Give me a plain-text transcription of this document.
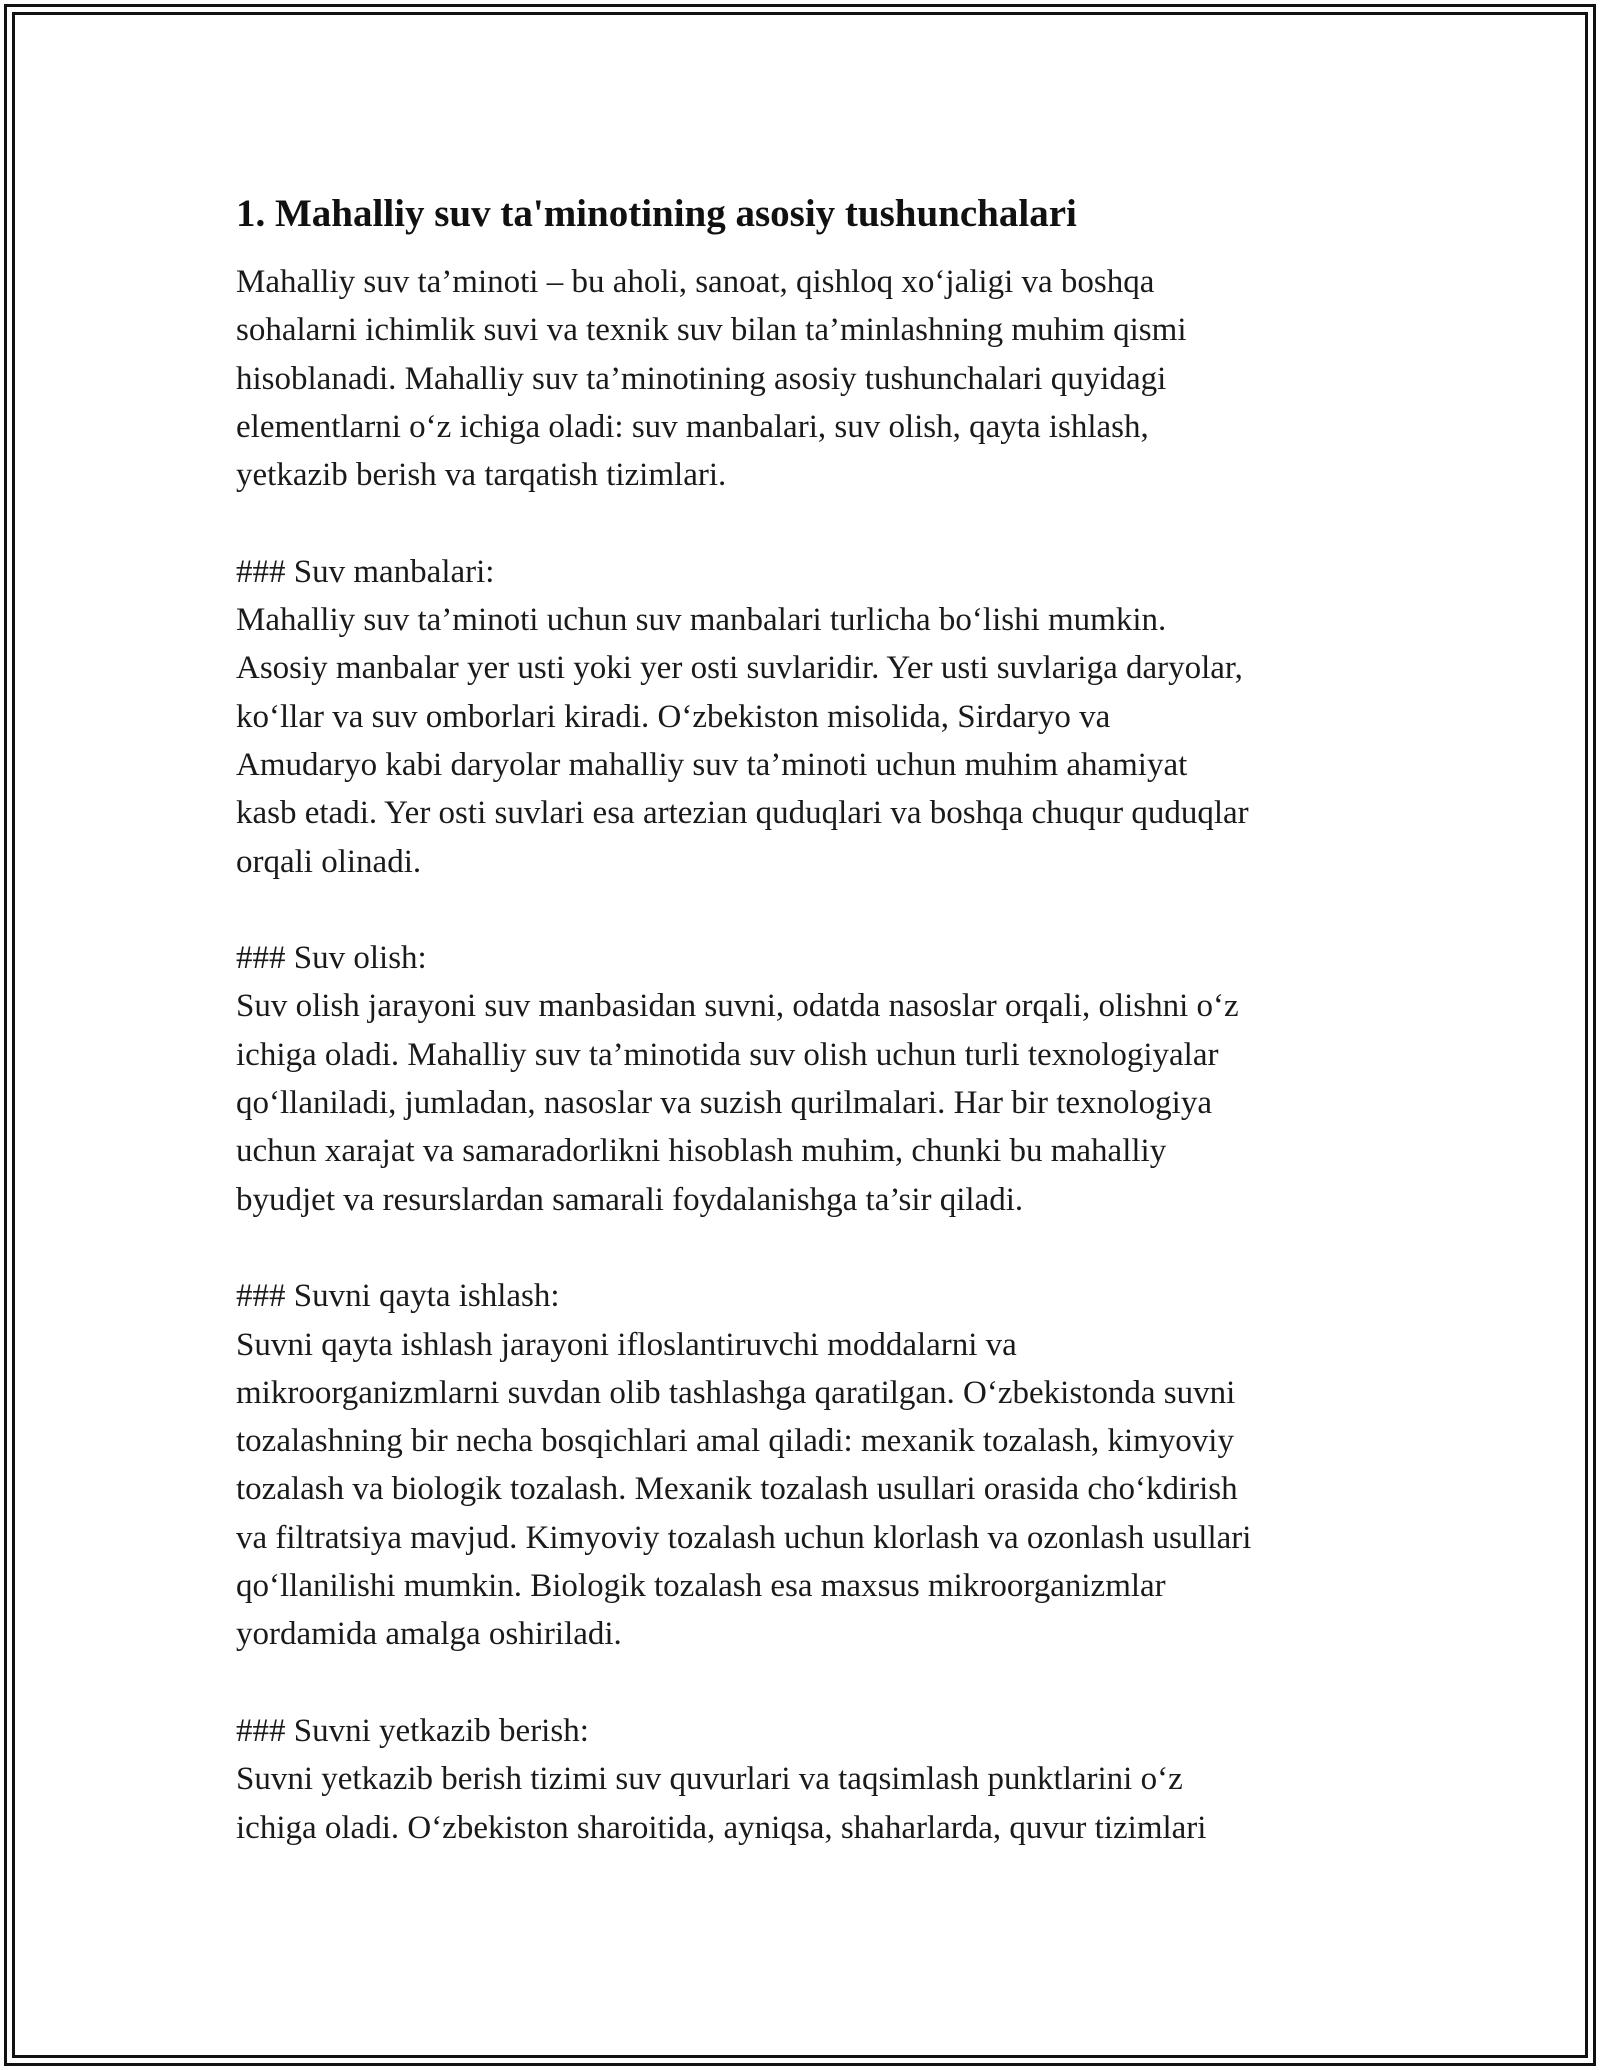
1. Mahalliy suv ta'minotining asosiy tushunchalari

Mahalliy suv ta’minoti – bu aholi, sanoat, qishloq xo‘jaligi va boshqa
sohalarni ichimlik suvi va texnik suv bilan ta’minlashning muhim qismi
hisoblanadi. Mahalliy suv ta’minotining asosiy tushunchalari quyidagi
elementlarni o‘z ichiga oladi: suv manbalari, suv olish, qayta ishlash,
yetkazib berish va tarqatish tizimlari.

### Suv manbalari:

Mahalliy suv ta’minoti uchun suv manbalari turlicha bo‘lishi mumkin.
Asosiy manbalar yer usti yoki yer osti suvlaridir. Yer usti suvlariga daryolar,
ko‘llar va suv omborlari kiradi. O‘zbekiston misolida, Sirdaryo va
Amudaryo kabi daryolar mahalliy suv ta’minoti uchun muhim ahamiyat
kasb etadi. Yer osti suvlari esa artezian quduqlari va boshqa chuqur quduqlar
orqali olinadi.

### Suv olish:

Suv olish jarayoni suv manbasidan suvni, odatda nasoslar orqali, olishni o‘z
ichiga oladi. Mahalliy suv ta’minotida suv olish uchun turli texnologiyalar
qo‘llaniladi, jumladan, nasoslar va suzish qurilmalari. Har bir texnologiya
uchun xarajat va samaradorlikni hisoblash muhim, chunki bu mahalliy
byudjet va resurslardan samarali foydalanishga ta’sir qiladi.

### Suvni qayta ishlash:

Suvni qayta ishlash jarayoni ifloslantiruvchi moddalarni va
mikroorganizmlarni suvdan olib tashlashga qaratilgan. O‘zbekistonda suvni
tozalashning bir necha bosqichlari amal qiladi: mexanik tozalash, kimyoviy
tozalash va biologik tozalash. Mexanik tozalash usullari orasida cho‘kdirish
va filtratsiya mavjud. Kimyoviy tozalash uchun klorlash va ozonlash usullari
qo‘llanilishi mumkin. Biologik tozalash esa maxsus mikroorganizmlar
yordamida amalga oshiriladi.

### Suvni yetkazib berish:

Suvni yetkazib berish tizimi suv quvurlari va taqsimlash punktlarini o‘z
ichiga oladi. O‘zbekiston sharoitida, ayniqsa, shaharlarda, quvur tizimlari
